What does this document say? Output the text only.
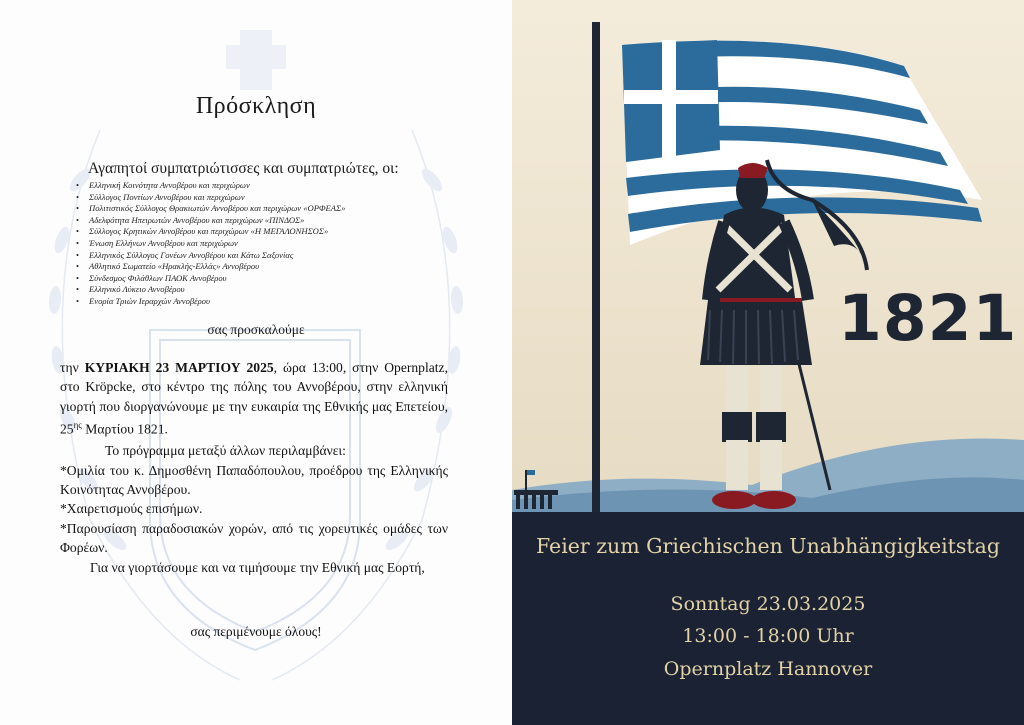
Πρόσκληση
Αγαπητοί συμπατριώτισσες και συμπατριώτες, οι:
• Ελληνική Κοινότητα Αννοβέρου και περιχώρων
• Σύλλογος Ποντίων Αννοβέρου και περιχώρων
• Πολιτιστικός Σύλλογος Θρακιωτών Αννοβέρου και περιχώρων «ΟΡΦΕΑΣ»
• Αδελφότητα Ηπειρωτών Αννοβέρου και περιχώρων «ΠΙΝΔΟΣ»
• Σύλλογος Κρητικών Αννοβέρου και περιχώρων «Η ΜΕΓΑΛΟΝΗΣΟΣ»
• Ένωση Ελλήνων Αννοβέρου και περιχώρων
• Ελληνικός Σύλλογος Γονέων Αννοβέρου και Κάτω Σαξονίας
• Αθλητικό Σωματείο «Ηρακλής-Ελλάς» Αννοβέρου
• Σύνδεσμος Φιλάθλων ΠΑΟΚ Αννοβέρου
• Ελληνικό Λύκειο Αννοβέρου
• Ενορία Τριών Ιεραρχών Αννοβέρου
σας προσκαλούμε

την ΚΥΡΙΑΚΗ 23 ΜΑΡΤΙΟΥ 2025, ώρα 13:00, στην Opernplatz, στο Kröpcke, στο κέντρο της πόλης του Αννοβέρου, στην ελληνική γιορτή που διοργανώνουμε με την ευκαιρία της Εθνικής μας Επετείου, $25^{\eta\varsigma}$ Μαρτίου 1821.

Το πρόγραμμα μεταξύ άλλων περιλαμβάνει:

*Ομιλία του κ. Δημοσθένη Παπαδόπουλου, προέδρου της Ελληνικής Κοινότητας Αννοβέρου.

*Χαιρετισμούς επισήμων.

*Παρουσίαση παραδοσιακών χορών, από τις χορευτικές ομάδες των Φορέων.

Για να γιορτάσουμε και να τιμήσουμε την Εθνική μας Εορτή,

σας περιμένουμε όλους!
Feier zum Griechischen Unabhängigkeitstag
Sonntag 23.03.2025
13:00 - 18:00 Uhr
Opernplatz Hannover
1821
